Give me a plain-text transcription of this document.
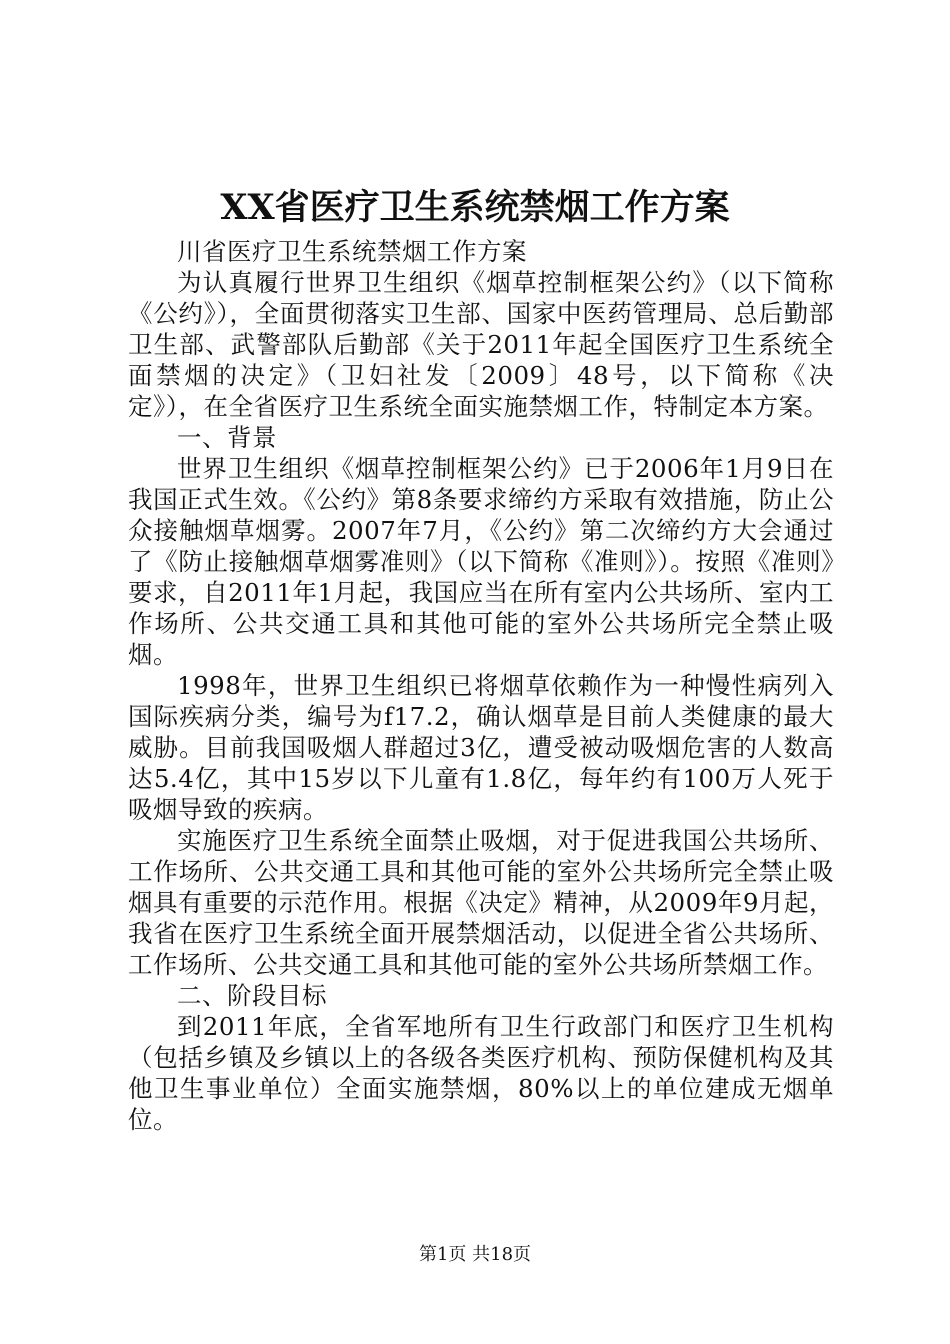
XX省医疗卫生系统禁烟工作方案

川省医疗卫生系统禁烟工作方案

为认真履行世界卫生组织《烟草控制框架公约》（以下简称《公约》），全面贯彻落实卫生部、国家中医药管理局、总后勤部卫生部、武警部队后勤部《关于2011年起全国医疗卫生系统全面禁烟的决定》（卫妇社发〔2009〕48号，以下简称《决定》），在全省医疗卫生系统全面实施禁烟工作，特制定本方案。

一、背景

世界卫生组织《烟草控制框架公约》已于2006年1月9日在我国正式生效。《公约》第8条要求缔约方采取有效措施，防止公众接触烟草烟雾。2007年7月，《公约》第二次缔约方大会通过了《防止接触烟草烟雾准则》（以下简称《准则》）。按照《准则》要求，自2011年1月起，我国应当在所有室内公共场所、室内工作场所、公共交通工具和其他可能的室外公共场所完全禁止吸烟。

1998年，世界卫生组织已将烟草依赖作为一种慢性病列入国际疾病分类，编号为f17.2，确认烟草是目前人类健康的最大威胁。目前我国吸烟人群超过3亿，遭受被动吸烟危害的人数高达5.4亿，其中15岁以下儿童有1.8亿，每年约有100万人死于吸烟导致的疾病。

实施医疗卫生系统全面禁止吸烟，对于促进我国公共场所、工作场所、公共交通工具和其他可能的室外公共场所完全禁止吸烟具有重要的示范作用。根据《决定》精神，从2009年9月起，我省在医疗卫生系统全面开展禁烟活动，以促进全省公共场所、工作场所、公共交通工具和其他可能的室外公共场所禁烟工作。

二、阶段目标

到2011年底，全省军地所有卫生行政部门和医疗卫生机构（包括乡镇及乡镇以上的各级各类医疗机构、预防保健机构及其他卫生事业单位）全面实施禁烟，80%以上的单位建成无烟单位。

第1页 共18页
